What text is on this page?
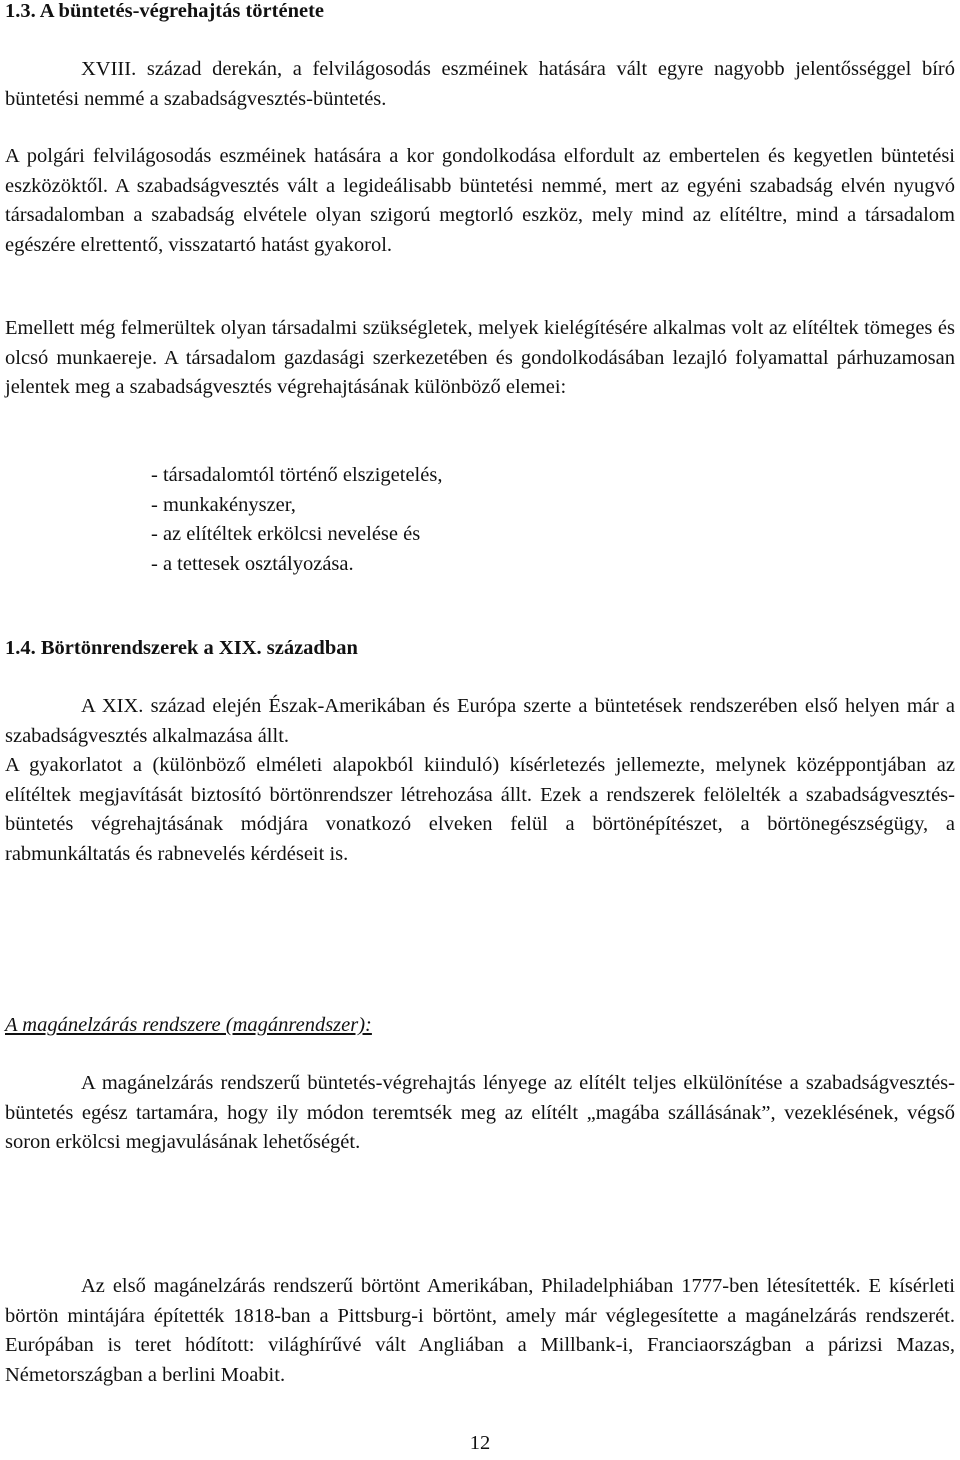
1.3. A büntetés-végrehajtás története
XVIII. század derekán, a felvilágosodás eszméinek hatására vált egyre nagyobb jelentősséggel bíró büntetési nemmé a szabadságvesztés-büntetés.
A polgári felvilágosodás eszméinek hatására a kor gondolkodása elfordult az embertelen és kegyetlen büntetési eszközöktől. A szabadságvesztés vált a legideálisabb büntetési nemmé, mert az egyéni szabadság elvén nyugvó társadalomban a szabadság elvétele olyan szigorú megtorló eszköz, mely mind az elítéltre, mind a társadalom egészére elrettentő, visszatartó hatást gyakorol.
Emellett még felmerültek olyan társadalmi szükségletek, melyek kielégítésére alkalmas volt az elítéltek tömeges és olcsó munkaereje. A társadalom gazdasági szerkezetében és gondolkodásában lezajló folyamattal párhuzamosan jelentek meg a szabadságvesztés végrehajtásának különböző elemei:
- társadalomtól történő elszigetelés,
- munkakényszer,
- az elítéltek erkölcsi nevelése és
- a tettesek osztályozása.
1.4. Börtönrendszerek a XIX. században
A XIX. század elején Észak-Amerikában és Európa szerte a büntetések rendszerében első helyen már a szabadságvesztés alkalmazása állt.
A gyakorlatot a (különböző elméleti alapokból kiinduló) kísérletezés jellemezte, melynek középpontjában az elítéltek megjavítását biztosító börtönrendszer létrehozása állt. Ezek a rendszerek felölelték a szabadságvesztés-büntetés végrehajtásának módjára vonatkozó elveken felül a börtönépítészet, a börtönegészségügy, a rabmunkáltatás és rabnevelés kérdéseit is.
A magánelzárás rendszere (magánrendszer):
A magánelzárás rendszerű büntetés-végrehajtás lényege az elítélt teljes elkülönítése a szabadságvesztés-büntetés egész tartamára, hogy ily módon teremtsék meg az elítélt „magába szállásának”, vezeklésének, végső soron erkölcsi megjavulásának lehetőségét.
Az első magánelzárás rendszerű börtönt Amerikában, Philadelphiában 1777-ben létesítették. E kísérleti börtön mintájára építették 1818-ban a Pittsburg-i börtönt, amely már véglegesítette a magánelzárás rendszerét. Európában is teret hódított: világhírűvé vált Angliában a Millbank-i, Franciaországban a párizsi Mazas, Németországban a berlini Moabit.
12
